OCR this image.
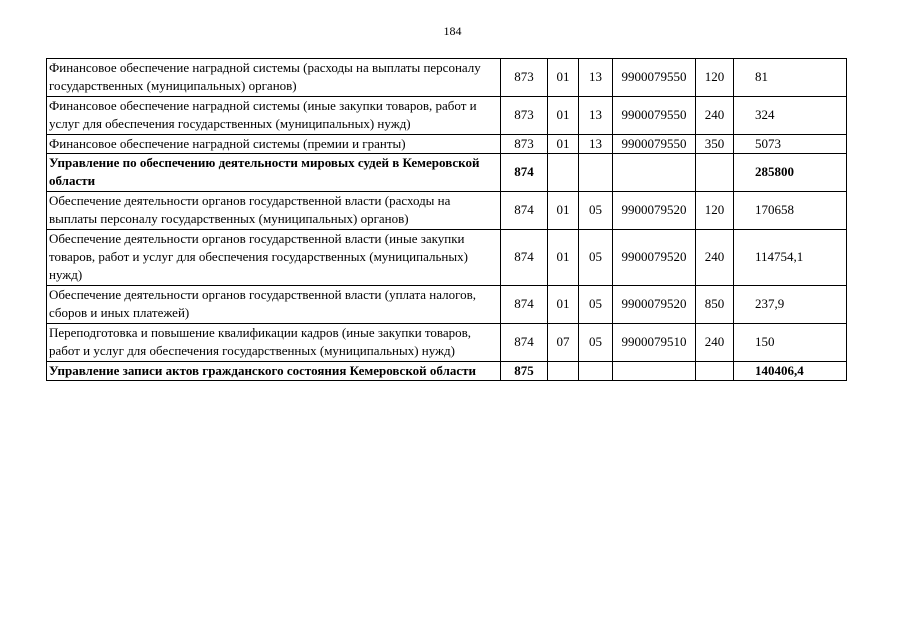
184
Финансовое обеспечение наградной системы (расходы на выплаты персоналу государственных (муниципальных) органов)	873	01	13	9900079550	120	81
Финансовое обеспечение наградной системы (иные закупки товаров, работ и услуг для обеспечения государственных (муниципальных) нужд)	873	01	13	9900079550	240	324
Финансовое обеспечение наградной системы (премии и гранты)	873	01	13	9900079550	350	5073
Управление по обеспечению деятельности мировых судей в Кемеровской области	874					285800
Обеспечение деятельности органов государственной власти (расходы на выплаты персоналу государственных (муниципальных) органов)	874	01	05	9900079520	120	170658
Обеспечение деятельности органов государственной власти (иные закупки товаров, работ и услуг для обеспечения государственных (муниципальных) нужд)	874	01	05	9900079520	240	114754,1
Обеспечение деятельности органов государственной власти (уплата налогов, сборов и иных платежей)	874	01	05	9900079520	850	237,9
Переподготовка и повышение квалификации кадров (иные закупки товаров, работ и услуг для обеспечения государственных (муниципальных) нужд)	874	07	05	9900079510	240	150
Управление записи актов гражданского состояния Кемеровской области	875					140406,4
